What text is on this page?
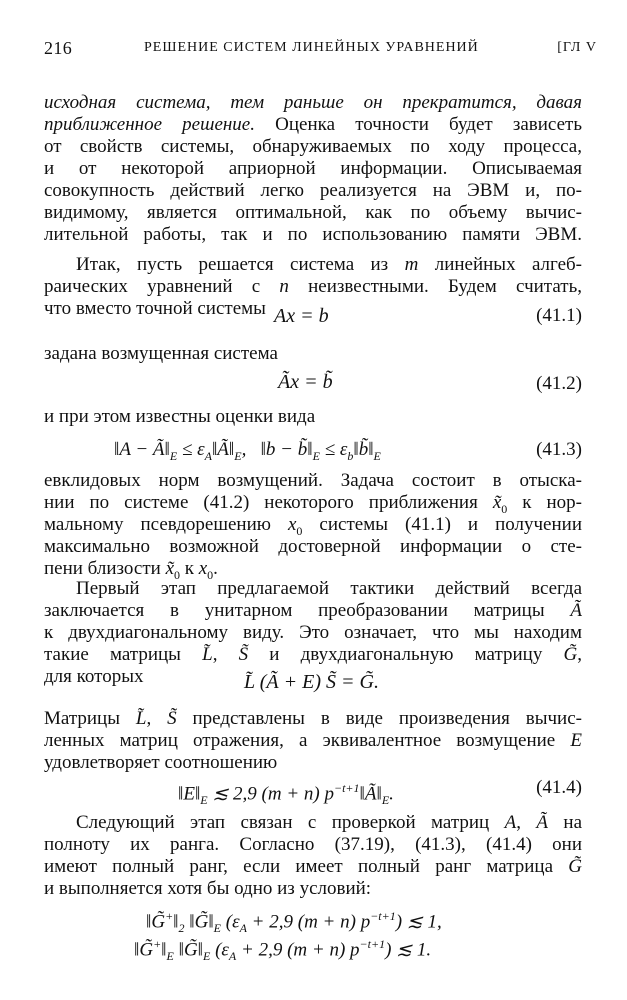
216	РЕШЕНИЕ СИСТЕМ ЛИНЕЙНЫХ УРАВНЕНИЙ	[ГЛ V
исходная система, тем раньше он прекратится, давая
приближенное решение. Оценка точности будет зависеть
от свойств системы, обнаруживаемых по ходу процесса,
и от некоторой априорной информации. Описываемая
совокупность действий легко реализуется на ЭВМ и, по-
видимому, является оптимальной, как по объему вычис-
лительной работы, так и по использованию памяти ЭВМ.
Итак, пусть решается система из m линейных алгеб-
раических уравнений с n неизвестными. Будем считать,
что вместо точной системы Ax = b	(41.1)
задана возмущенная система
Ãx = b̃	(41.2)
и при этом известны оценки вида
‖A − $Ã‖_E$ ≤ $\varepsilon_A‖Ã‖_E$,   ‖b − $b̃‖_E$ ≤ $\varepsilon_b‖b̃‖_E$	(41.3)
евклидовых норм возмущений. Задача состоит в отыска-
нии по системе (41.2) некоторого приближения $x̃_0$ к нор-
мальному псевдорешению $x_0$ системы (41.1) и получении
максимально возможной достоверной информации о сте-
пени близости $x̃_0$ к $x_0$.
Первый этап предлагаемой тактики действий всегда
заключается в унитарном преобразовании матрицы Ã
к двухдиагональному виду. Это означает, что мы находим
такие матрицы L̃, S̃ и двухдиагональную матрицу G̃,
для которых	L̃ (Ã + E) S̃ = G̃.
Матрицы L̃, S̃ представлены в виде произведения вычис-
ленных матриц отражения, а эквивалентное возмущение E
удовлетворяет соотношению
$‖E‖_E$ ≲ 2,9 (m + n) $p^{-t+1}‖Ã‖_E$.	(41.4)
Следующий этап связан с проверкой матриц A, Ã на
полноту их ранга. Согласно (37.19), (41.3), (41.4) они
имеют полный ранг, если имеет полный ранг матрица G̃
и выполняется хотя бы одно из условий:
$‖G̃^+‖_2$ $‖G̃‖_E$ ($\varepsilon_A + 2,9$ (m + n) $p^{-t+1}$) ≲ 1,
$‖G̃^+‖_E$ $‖G̃‖_E$ ($\varepsilon_A + 2,9$ (m + n) $p^{-t+1}$) ≲ 1.
